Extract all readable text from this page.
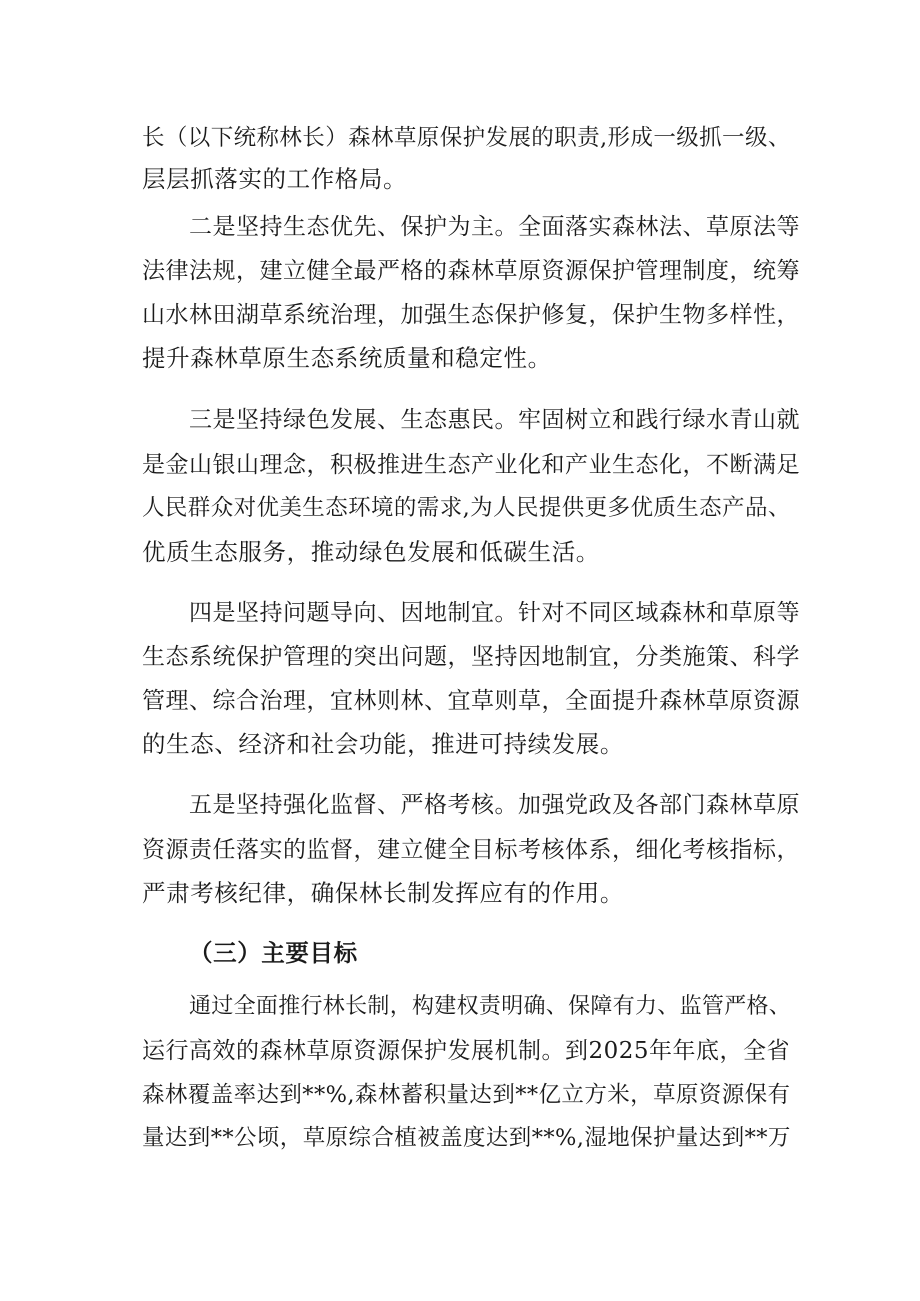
长（以下统称林长）森林草原保护发展的职责,形成一级抓一级、
层层抓落实的工作格局。
二是坚持生态优先、保护为主。全面落实森林法、草原法等
法律法规，建立健全最严格的森林草原资源保护管理制度，统筹
山水林田湖草系统治理，加强生态保护修复，保护生物多样性，
提升森林草原生态系统质量和稳定性。
三是坚持绿色发展、生态惠民。牢固树立和践行绿水青山就
是金山银山理念，积极推进生态产业化和产业生态化，不断满足
人民群众对优美生态环境的需求,为人民提供更多优质生态产品、
优质生态服务，推动绿色发展和低碳生活。
四是坚持问题导向、因地制宜。针对不同区域森林和草原等
生态系统保护管理的突出问题，坚持因地制宜，分类施策、科学
管理、综合治理，宜林则林、宜草则草，全面提升森林草原资源
的生态、经济和社会功能，推进可持续发展。
五是坚持强化监督、严格考核。加强党政及各部门森林草原
资源责任落实的监督，建立健全目标考核体系，细化考核指标，
严肃考核纪律，确保林长制发挥应有的作用。
（三）主要目标
通过全面推行林长制，构建权责明确、保障有力、监管严格、
运行高效的森林草原资源保护发展机制。到2025年年底，全省
森林覆盖率达到**%,森林蓄积量达到**亿立方米，草原资源保有
量达到**公顷，草原综合植被盖度达到**%,湿地保护量达到**万
